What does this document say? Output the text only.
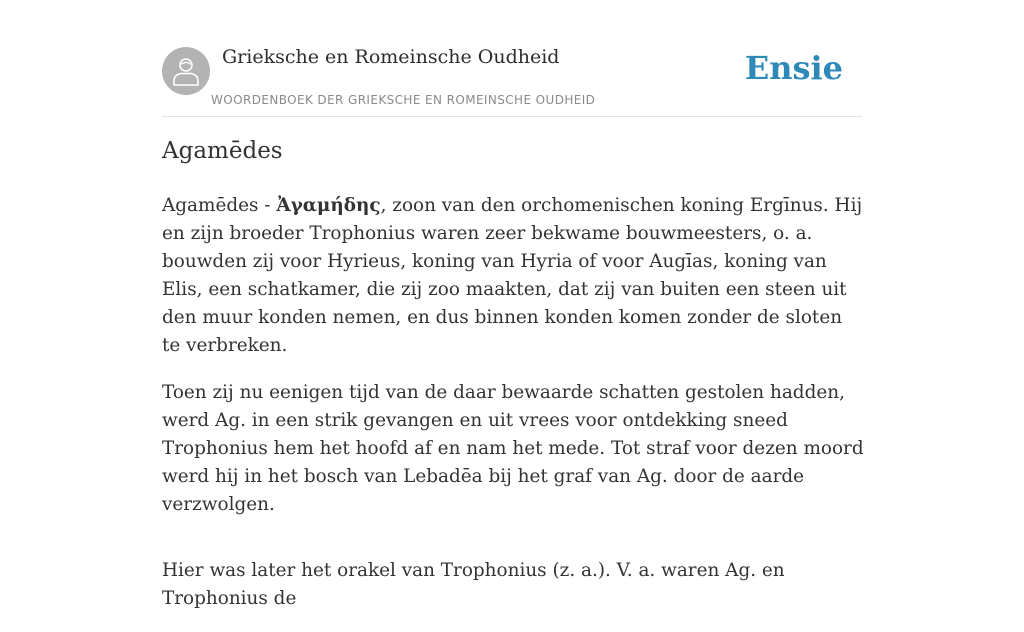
Grieksche en Romeinsche Oudheid
WOORDENBOEK DER GRIEKSCHE EN ROMEINSCHE OUDHEID
Ensie
Agamēdes

Agamēdes - Ἀγαμήδης, zoon van den orchomenischen koning Ergīnus. Hij en zijn broeder Trophonius waren zeer bekwame bouwmeesters, o. a. bouwden zij voor Hyrieus, koning van Hyria of voor Augīas, koning van Elis, een schatkamer, die zij zoo maakten, dat zij van buiten een steen uit den muur konden nemen, en dus binnen konden komen zonder de sloten te verbreken.

Toen zij nu eenigen tijd van de daar bewaarde schatten gestolen hadden, werd Ag. in een strik gevangen en uit vrees voor ontdekking sneed Trophonius hem het hoofd af en nam het mede. Tot straf voor dezen moord werd hij in het bosch van Lebadēa bij het graf van Ag. door de aarde verzwolgen.

Hier was later het orakel van Trophonius (z. a.). V. a. waren Ag. en Trophonius de
